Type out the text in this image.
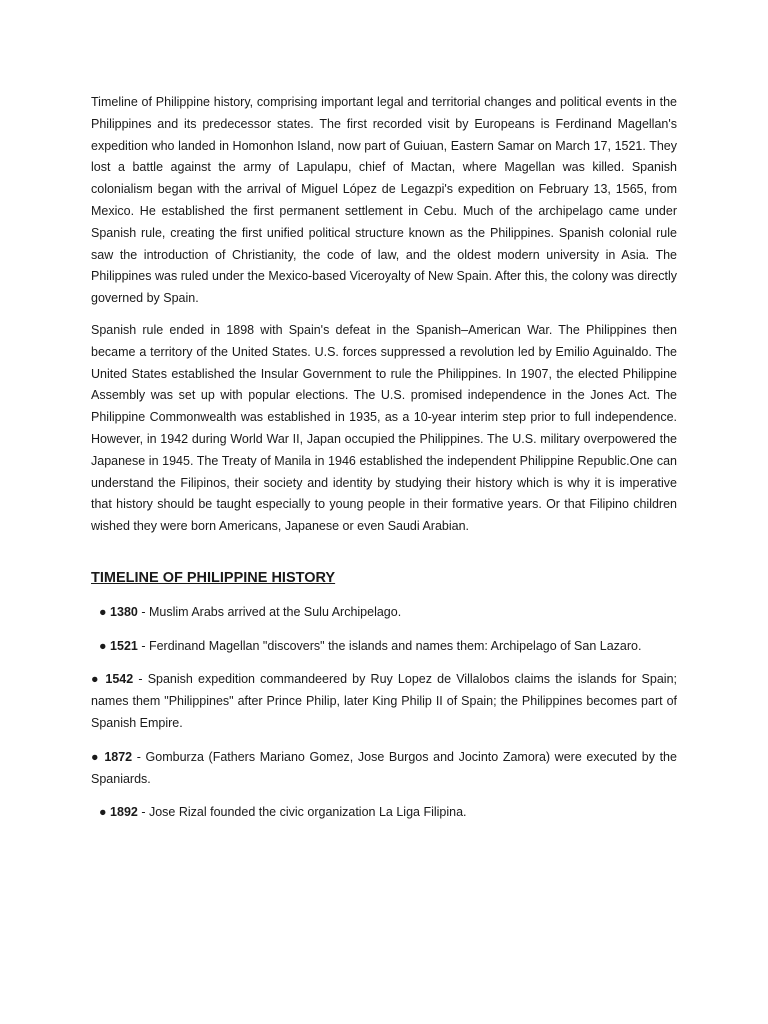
Timeline of Philippine history, comprising important legal and territorial changes and political events in the Philippines and its predecessor states. The first recorded visit by Europeans is Ferdinand Magellan's expedition who landed in Homonhon Island, now part of Guiuan, Eastern Samar on March 17, 1521. They lost a battle against the army of Lapulapu, chief of Mactan, where Magellan was killed. Spanish colonialism began with the arrival of Miguel López de Legazpi's expedition on February 13, 1565, from Mexico. He established the first permanent settlement in Cebu. Much of the archipelago came under Spanish rule, creating the first unified political structure known as the Philippines. Spanish colonial rule saw the introduction of Christianity, the code of law, and the oldest modern university in Asia. The Philippines was ruled under the Mexico-based Viceroyalty of New Spain. After this, the colony was directly governed by Spain.

Spanish rule ended in 1898 with Spain's defeat in the Spanish–American War. The Philippines then became a territory of the United States. U.S. forces suppressed a revolution led by Emilio Aguinaldo. The United States established the Insular Government to rule the Philippines. In 1907, the elected Philippine Assembly was set up with popular elections. The U.S. promised independence in the Jones Act. The Philippine Commonwealth was established in 1935, as a 10-year interim step prior to full independence. However, in 1942 during World War II, Japan occupied the Philippines. The U.S. military overpowered the Japanese in 1945. The Treaty of Manila in 1946 established the independent Philippine Republic.One can understand the Filipinos, their society and identity by studying their history which is why it is imperative that history should be taught especially to young people in their formative years. Or that Filipino children wished they were born Americans, Japanese or even Saudi Arabian.

TIMELINE OF PHILIPPINE HISTORY
● 1380 - Muslim Arabs arrived at the Sulu Archipelago.
● 1521 - Ferdinand Magellan "discovers" the islands and names them: Archipelago of San Lazaro.
● 1542 - Spanish expedition commandeered by Ruy Lopez de Villalobos claims the islands for Spain; names them "Philippines" after Prince Philip, later King Philip II of Spain; the Philippines becomes part of Spanish Empire.
● 1872 - Gomburza (Fathers Mariano Gomez, Jose Burgos and Jocinto Zamora) were executed by the Spaniards.
● 1892 - Jose Rizal founded the civic organization La Liga Filipina.
